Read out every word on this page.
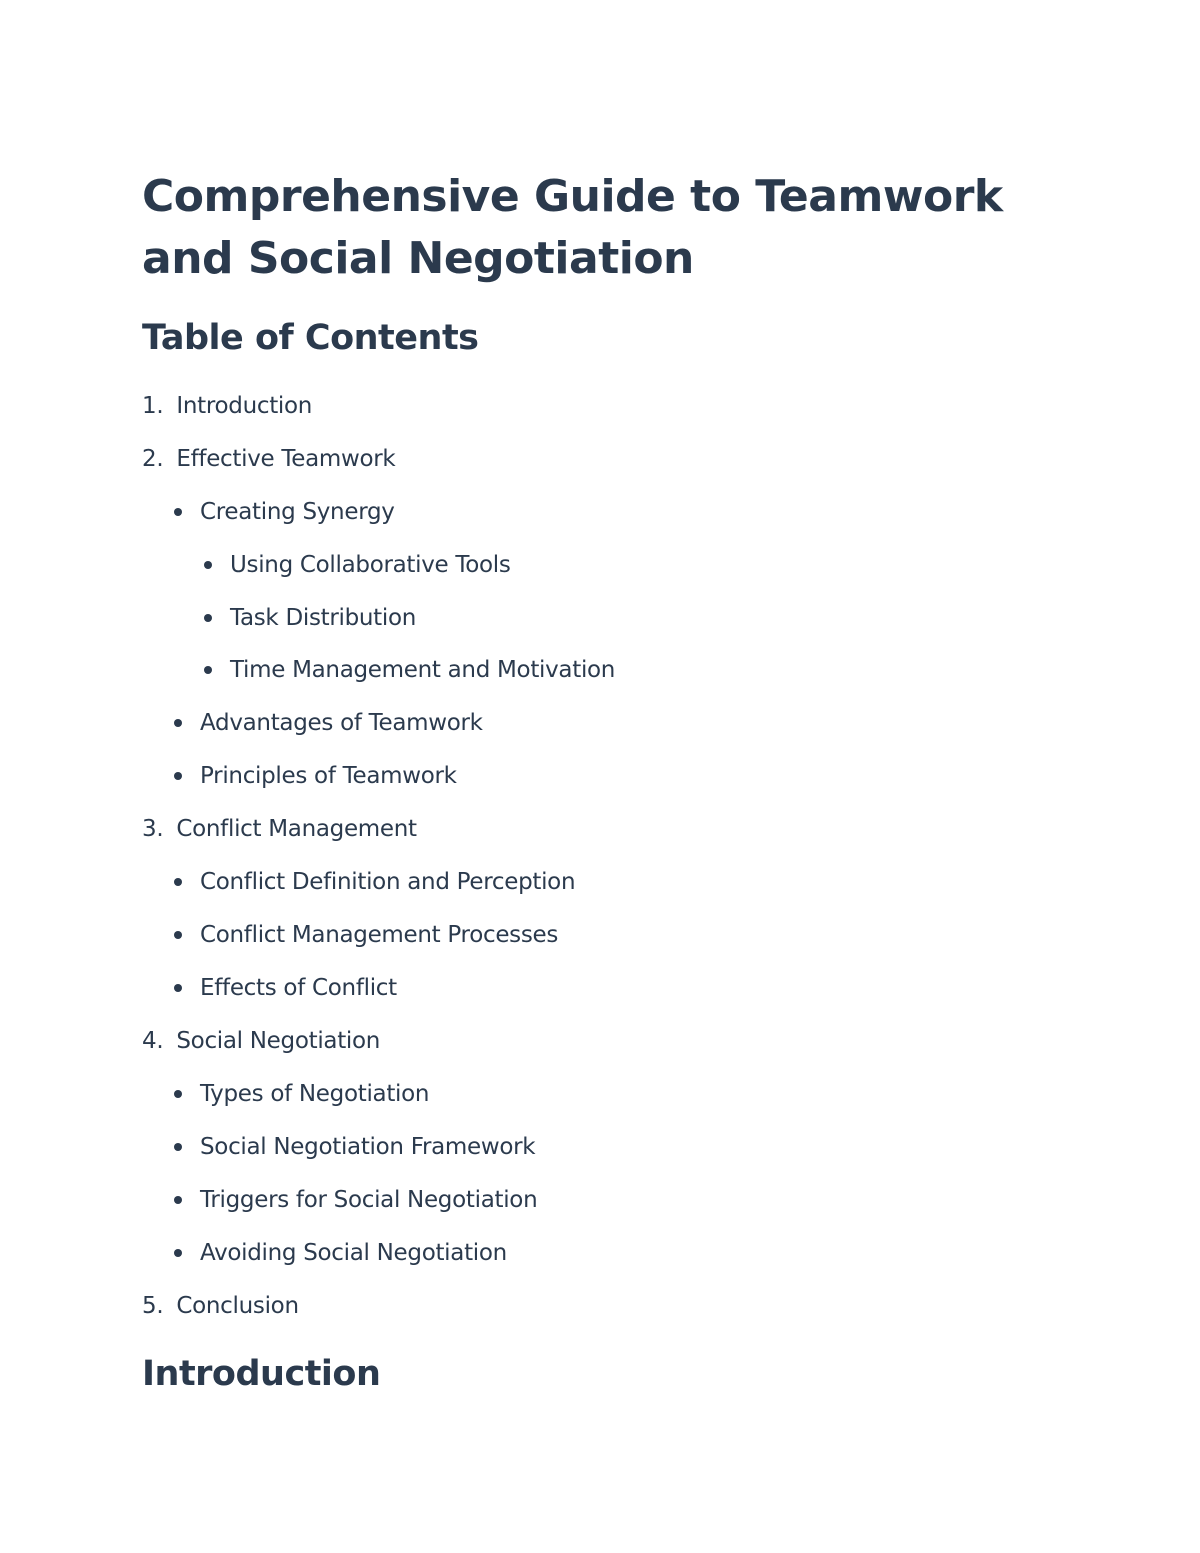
Comprehensive Guide to Teamwork and Social Negotiation
Table of Contents
1. Introduction
2. Effective Teamwork
Creating Synergy
Using Collaborative Tools
Task Distribution
Time Management and Motivation
Advantages of Teamwork
Principles of Teamwork
3. Conflict Management
Conflict Definition and Perception
Conflict Management Processes
Effects of Conflict
4. Social Negotiation
Types of Negotiation
Social Negotiation Framework
Triggers for Social Negotiation
Avoiding Social Negotiation
5. Conclusion
Introduction
